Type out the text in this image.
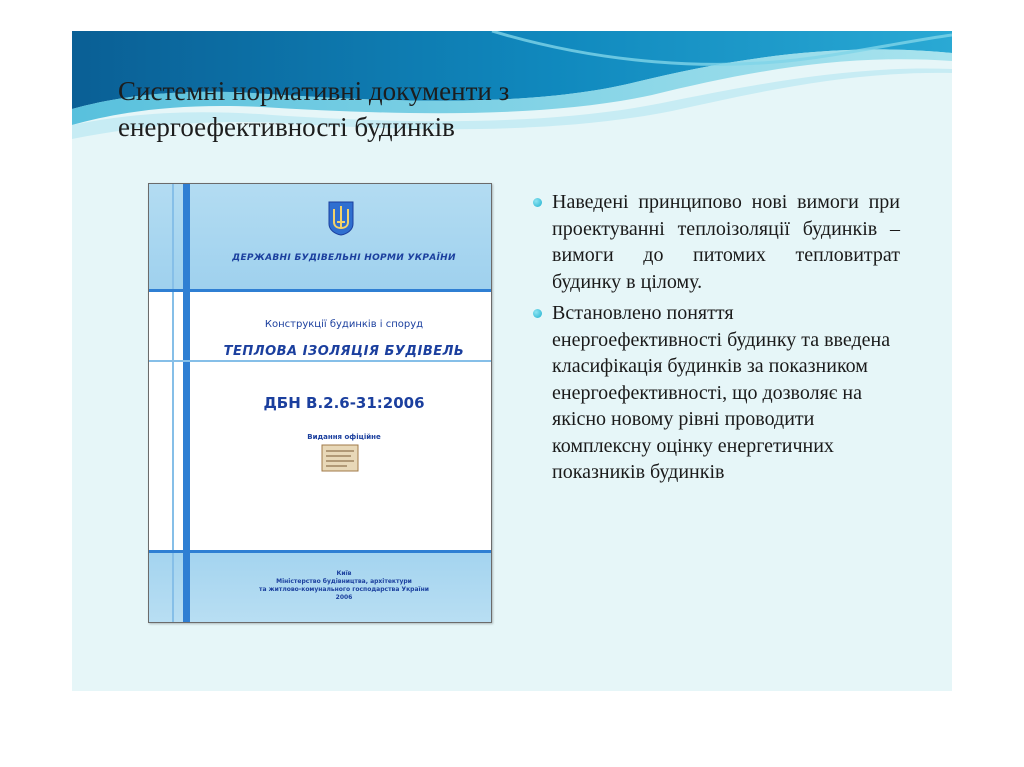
Системні нормативні документи з енергоефективності будинків
ДЕРЖАВНІ БУДІВЕЛЬНІ НОРМИ УКРАЇНИ
Конструкції будинків і споруд
ТЕПЛОВА ІЗОЛЯЦІЯ БУДІВЕЛЬ
ДБН В.2.6-31:2006
Видання офіційне
Київ
Міністерство будівництва, архітектури
та житлово-комунального господарства України
2006
Наведені принципово нові вимоги при проектуванні теплоізоляції будинків – вимоги до питомих тепловитрат будинку в цілому.
Встановлено поняття енергоефективності будинку та введена класифікація будинків за показником енергоефективності, що дозволяє на якісно новому рівні проводити комплексну оцінку енергетичних показників будинків
